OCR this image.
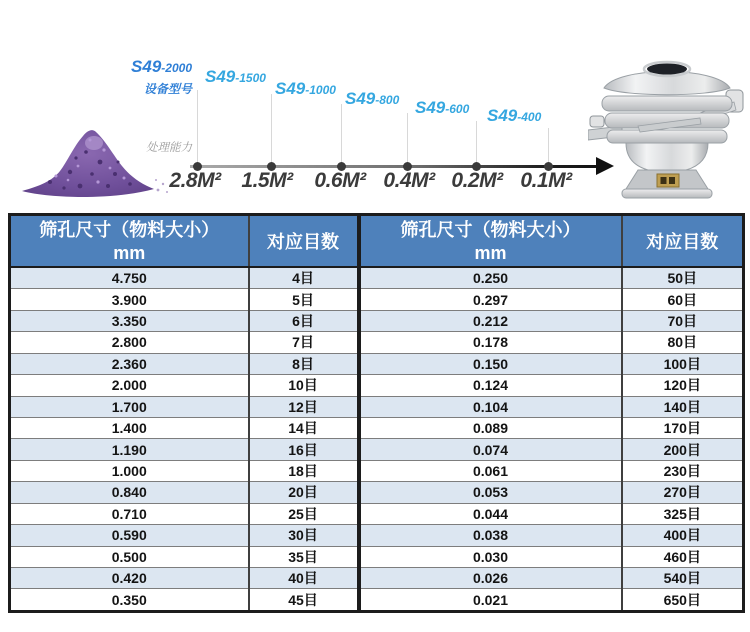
设备型号
处理能力
S49-2000
2.8M²
S49-1500
1.5M²
S49-1000
0.6M²
S49-800
0.4M²
S49-600
0.2M²
S49-400
0.1M²
筛孔尺寸（物料大小）
mm
	对应目数	
筛孔尺寸（物料大小）
mm
	对应目数
4.750	4目	0.250	50目
3.900	5目	0.297	60目
3.350	6目	0.212	70目
2.800	7目	0.178	80目
2.360	8目	0.150	100目
2.000	10目	0.124	120目
1.700	12目	0.104	140目
1.400	14目	0.089	170目
1.190	16目	0.074	200目
1.000	18目	0.061	230目
0.840	20目	0.053	270目
0.710	25目	0.044	325目
0.590	30目	0.038	400目
0.500	35目	0.030	460目
0.420	40目	0.026	540目
0.350	45目	0.021	650目
